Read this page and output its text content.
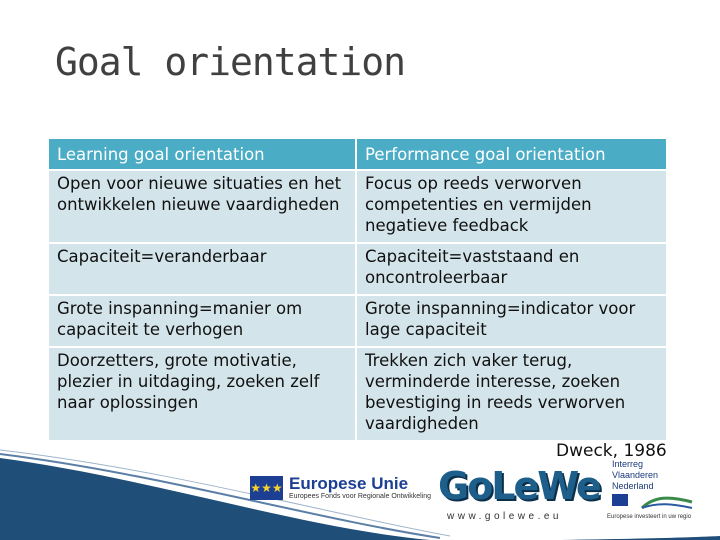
Goal orientation
Learning goal orientation	Performance goal orientation
Open voor nieuwe situaties en het ontwikkelen nieuwe vaardigheden	Focus op reeds verworven competenties en vermijden negatieve feedback
Capaciteit=veranderbaar	Capaciteit=vaststaand en oncontroleerbaar
Grote inspanning=manier om capaciteit te verhogen	Grote inspanning=indicator voor lage capaciteit
Doorzetters, grote motivatie, plezier in uitdaging, zoeken zelf naar oplossingen	Trekken zich vaker terug, verminderde interesse, zoeken bevestiging in reeds verworven vaardigheden
Dweck, 1986
★★★ Europese Unie
Europees Fonds voor Regionale Ontwikkeling GoLeWe
www.golewe.eu
Interreg
Vlaanderen
Nederland
Europese investeert in uw regio
